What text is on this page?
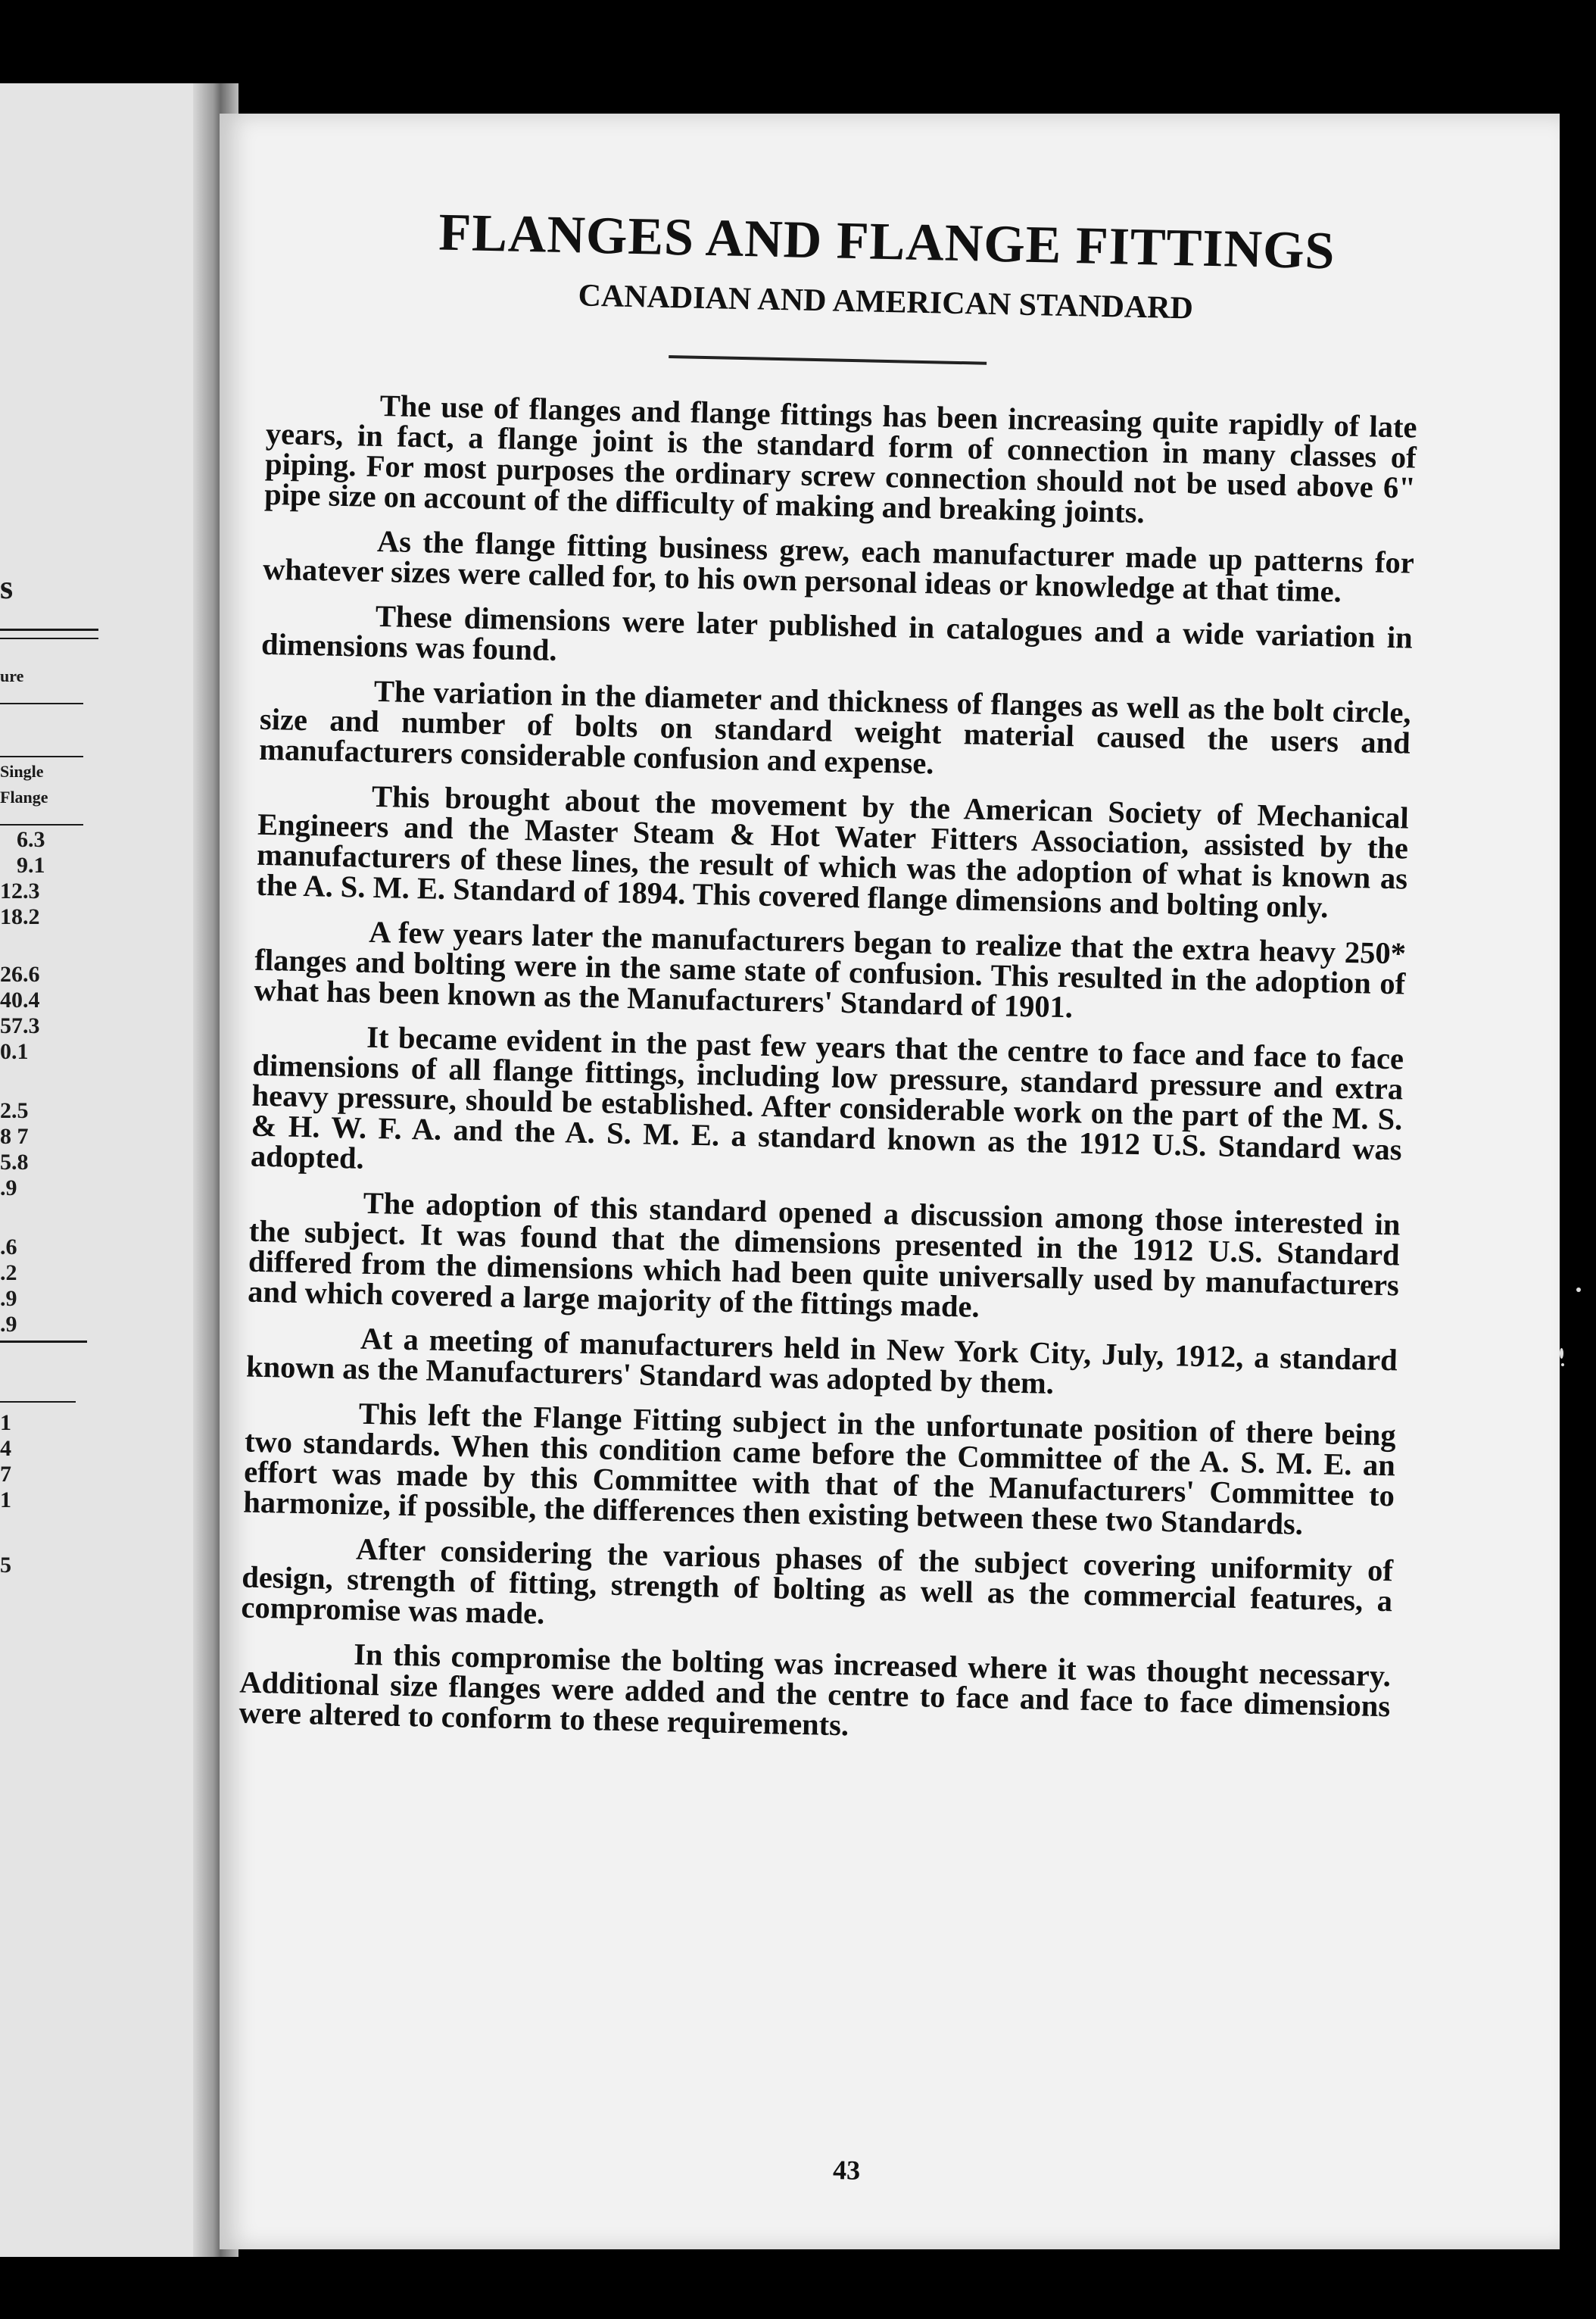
s
ure
Single
Flange
6.3
9.1
12.3
18.2
26.6
40.4
57.3
0.1
2.5
8 7
5.8
.9
.6
.2
.9
.9
1
4
7
1
5
FLANGES AND FLANGE FITTINGS
CANADIAN AND AMERICAN STANDARD

The use of flanges and flange fittings has been increasing quite rapidly of late years, in fact, a flange joint is the standard form of connection in many classes of piping. For most purposes the ordinary screw connection should not be used above 6" pipe size on account of the difficulty of making and breaking joints.

As the flange fitting business grew, each manufacturer made up patterns for whatever sizes were called for, to his own personal ideas or knowledge at that time.

These dimensions were later published in catalogues and a wide variation in dimensions was found.

The variation in the diameter and thickness of flanges as well as the bolt circle, size and number of bolts on standard weight material caused the users and manufacturers considerable confusion and expense.

This brought about the movement by the American Society of Mechanical Engineers and the Master Steam & Hot Water Fitters Association, assisted by the manufacturers of these lines, the result of which was the adoption of what is known as the A. S. M. E. Standard of 1894. This covered flange dimensions and bolting only.

A few years later the manufacturers began to realize that the extra heavy 250* flanges and bolting were in the same state of confusion. This resulted in the adoption of what has been known as the Manufacturers' Standard of 1901.

It became evident in the past few years that the centre to face and face to face dimensions of all flange fittings, including low pressure, standard pressure and extra heavy pressure, should be established. After considerable work on the part of the M. S. & H. W. F. A. and the A. S. M. E. a standard known as the 1912 U.S. Standard was adopted.

The adoption of this standard opened a discussion among those interested in the subject. It was found that the dimensions presented in the 1912 U.S. Standard differed from the dimensions which had been quite universally used by manufacturers and which covered a large majority of the fittings made.

At a meeting of manufacturers held in New York City, July, 1912, a standard known as the Manufacturers' Standard was adopted by them.

This left the Flange Fitting subject in the unfortunate position of there being two standards. When this condition came before the Committee of the A. S. M. E. an effort was made by this Committee with that of the Manufacturers' Committee to harmonize, if possible, the differences then existing between these two Standards.

After considering the various phases of the subject covering uniformity of design, strength of fitting, strength of bolting as well as the commercial features, a compromise was made.

In this compromise the bolting was increased where it was thought necessary. Additional size flanges were added and the centre to face and face to face dimensions were altered to conform to these requirements.

43
